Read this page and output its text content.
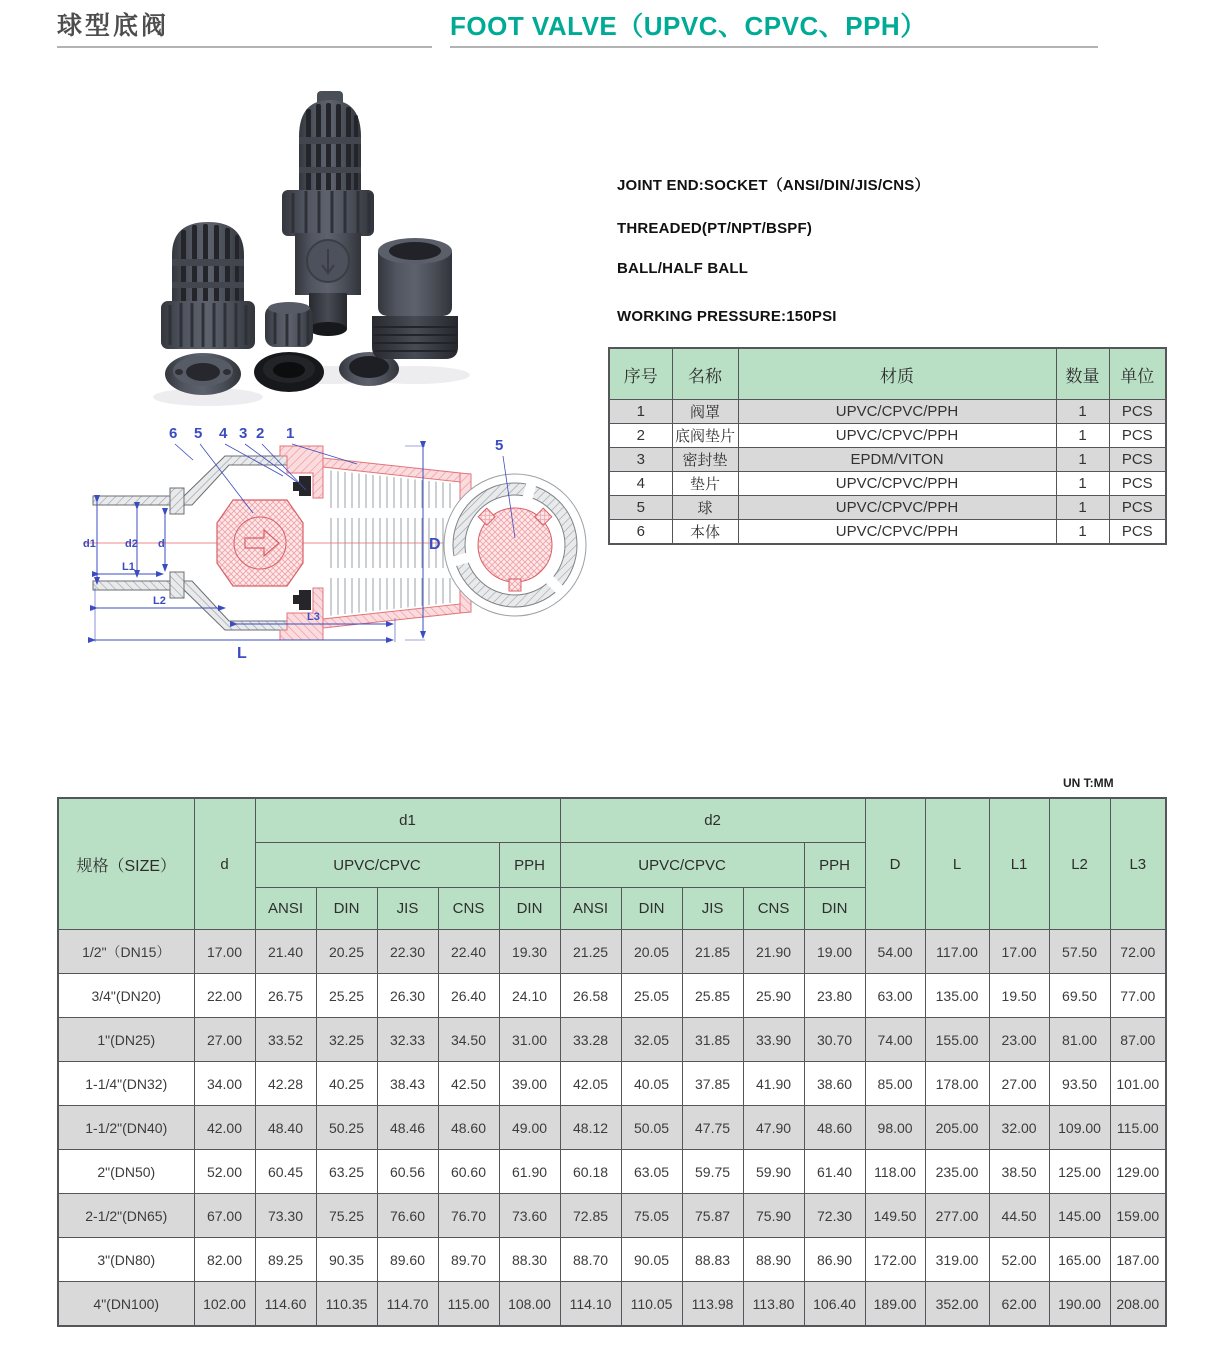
球型底阀	FOOT VALVE（UPVC、CPVC、PPH）
JOINT END:SOCKET（ANSI/DIN/JIS/CNS）
THREADED(PT/NPT/BSPF)
BALL/HALF BALL
WORKING PRESSURE:150PSI
序号	名称	材质	数量	单位
1	阀罩	UPVC/CPVC/PPH	1	PCS
2	底阀垫片	UPVC/CPVC/PPH	1	PCS
3	密封垫	EPDM/VITON	1	PCS
4	垫片	UPVC/CPVC/PPH	1	PCS
5	球	UPVC/CPVC/PPH	1	PCS
6	本体	UPVC/CPVC/PPH	1	PCS
d1	d2 d
L1
L2
L3
L
D
6 5 4 3 2 1
5
UN T:MM
规格（SIZE）	d	d1					d2					D	L	L1	L2	L3
		UPVC/CPVC				PPH	UPVC/CPVC				PPH					
		ANSI	DIN	JIS	CNS	DIN	ANSI	DIN	JIS	CNS	DIN					
1/2"（DN15）	17.00	21.40	20.25	22.30	22.40	19.30	21.25	20.05	21.85	21.90	19.00	54.00	117.00	17.00	57.50	72.00
3/4"(DN20)	22.00	26.75	25.25	26.30	26.40	24.10	26.58	25.05	25.85	25.90	23.80	63.00	135.00	19.50	69.50	77.00
1"(DN25)	27.00	33.52	32.25	32.33	34.50	31.00	33.28	32.05	31.85	33.90	30.70	74.00	155.00	23.00	81.00	87.00
1-1/4"(DN32)	34.00	42.28	40.25	38.43	42.50	39.00	42.05	40.05	37.85	41.90	38.60	85.00	178.00	27.00	93.50	101.00
1-1/2"(DN40)	42.00	48.40	50.25	48.46	48.60	49.00	48.12	50.05	47.75	47.90	48.60	98.00	205.00	32.00	109.00	115.00
2"(DN50)	52.00	60.45	63.25	60.56	60.60	61.90	60.18	63.05	59.75	59.90	61.40	118.00	235.00	38.50	125.00	129.00
2-1/2"(DN65)	67.00	73.30	75.25	76.60	76.70	73.60	72.85	75.05	75.87	75.90	72.30	149.50	277.00	44.50	145.00	159.00
3"(DN80)	82.00	89.25	90.35	89.60	89.70	88.30	88.70	90.05	88.83	88.90	86.90	172.00	319.00	52.00	165.00	187.00
4"(DN100)	102.00	114.60	110.35	114.70	115.00	108.00	114.10	110.05	113.98	113.80	106.40	189.00	352.00	62.00	190.00	208.00
